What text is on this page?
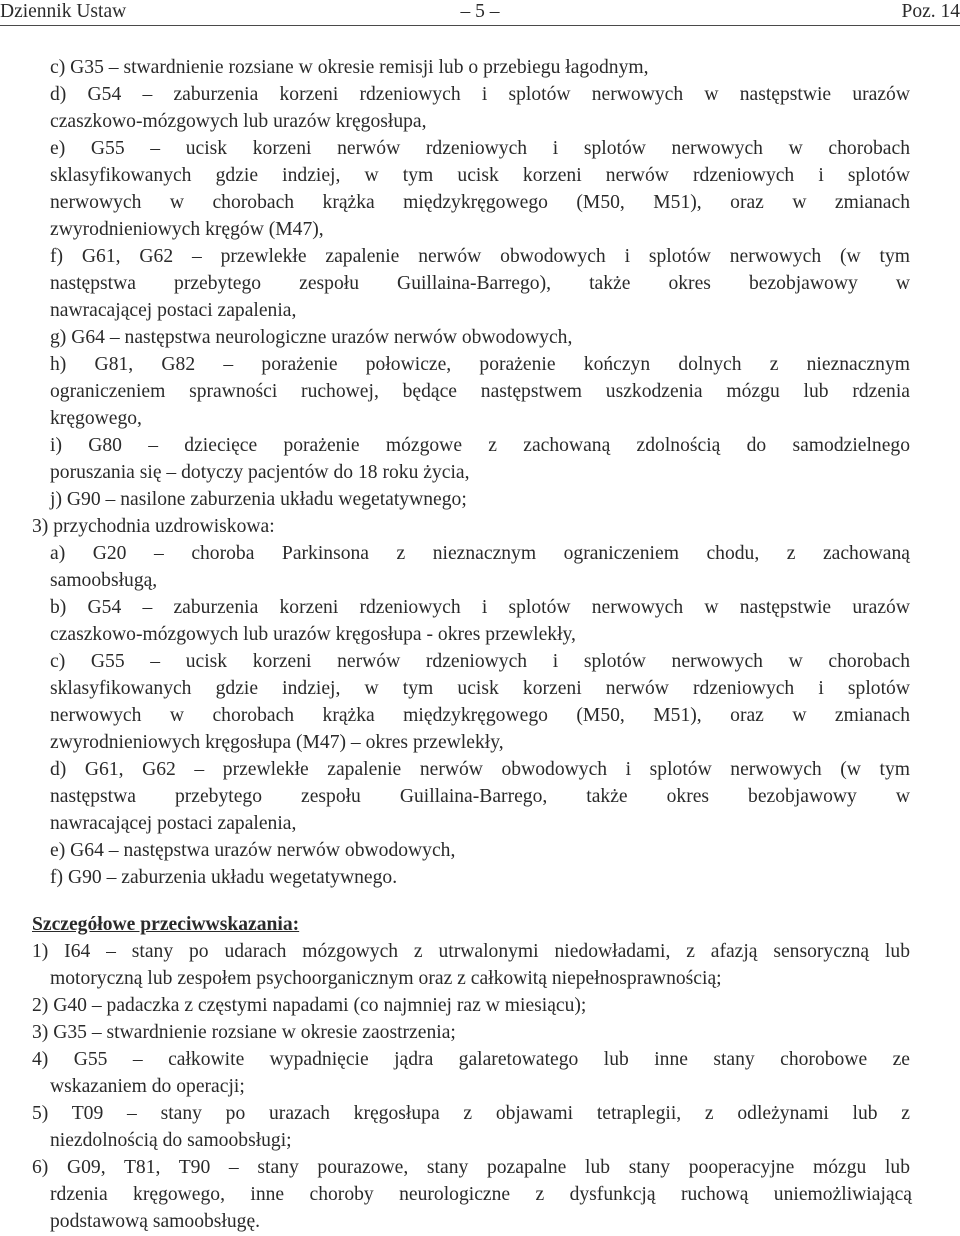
Dziennik Ustaw	– 5 –	Poz. 14
c) G35 – stwardnienie rozsiane w okresie remisji lub o przebiegu łagodnym,
d) G54 – zaburzenia korzeni rdzeniowych i splotów nerwowych w następstwie urazów
czaszkowo-mózgowych lub urazów kręgosłupa,
e) G55 – ucisk korzeni nerwów rdzeniowych i splotów nerwowych w chorobach
sklasyfikowanych gdzie indziej, w tym ucisk korzeni nerwów rdzeniowych i splotów
nerwowych w chorobach krążka międzykręgowego (M50, M51), oraz w zmianach
zwyrodnieniowych kręgów (M47),
f) G61, G62 – przewlekłe zapalenie nerwów obwodowych i splotów nerwowych (w tym
następstwa przebytego zespołu Guillaina-Barrego), także okres bezobjawowy w
nawracającej postaci zapalenia,
g) G64 – następstwa neurologiczne urazów nerwów obwodowych,
h) G81, G82 – porażenie połowicze, porażenie kończyn dolnych z nieznacznym
ograniczeniem sprawności ruchowej, będące następstwem uszkodzenia mózgu lub rdzenia
kręgowego,
i) G80 – dziecięce porażenie mózgowe z zachowaną zdolnością do samodzielnego
poruszania się – dotyczy pacjentów do 18 roku życia,
j) G90 – nasilone zaburzenia układu wegetatywnego;
3) przychodnia uzdrowiskowa:
a) G20 – choroba Parkinsona z nieznacznym ograniczeniem chodu, z zachowaną
samoobsługą,
b) G54 – zaburzenia korzeni rdzeniowych i splotów nerwowych w następstwie urazów
czaszkowo-mózgowych lub urazów kręgosłupa - okres przewlekły,
c) G55 – ucisk korzeni nerwów rdzeniowych i splotów nerwowych w chorobach
sklasyfikowanych gdzie indziej, w tym ucisk korzeni nerwów rdzeniowych i splotów
nerwowych w chorobach krążka międzykręgowego (M50, M51), oraz w zmianach
zwyrodnieniowych kręgosłupa (M47) – okres przewlekły,
d) G61, G62 – przewlekłe zapalenie nerwów obwodowych i splotów nerwowych (w tym
następstwa przebytego zespołu Guillaina-Barrego, także okres bezobjawowy w
nawracającej postaci zapalenia,
e) G64 – następstwa urazów nerwów obwodowych,
f) G90 – zaburzenia układu wegetatywnego.
Szczegółowe przeciwwskazania:
1) I64 – stany po udarach mózgowych z utrwalonymi niedowładami, z afazją sensoryczną lub
motoryczną lub zespołem psychoorganicznym oraz z całkowitą niepełnosprawnością;
2) G40 – padaczka z częstymi napadami (co najmniej raz w miesiącu);
3) G35 – stwardnienie rozsiane w okresie zaostrzenia;
4) G55 – całkowite wypadnięcie jądra galaretowatego lub inne stany chorobowe ze
wskazaniem do operacji;
5) T09 – stany po urazach kręgosłupa z objawami tetraplegii, z odleżynami lub z
niezdolnością do samoobsługi;
6) G09, T81, T90 – stany pourazowe, stany pozapalne lub stany pooperacyjne mózgu lub
rdzenia kręgowego, inne choroby neurologiczne z dysfunkcją ruchową uniemożliwiającą
podstawową samoobsługę.
